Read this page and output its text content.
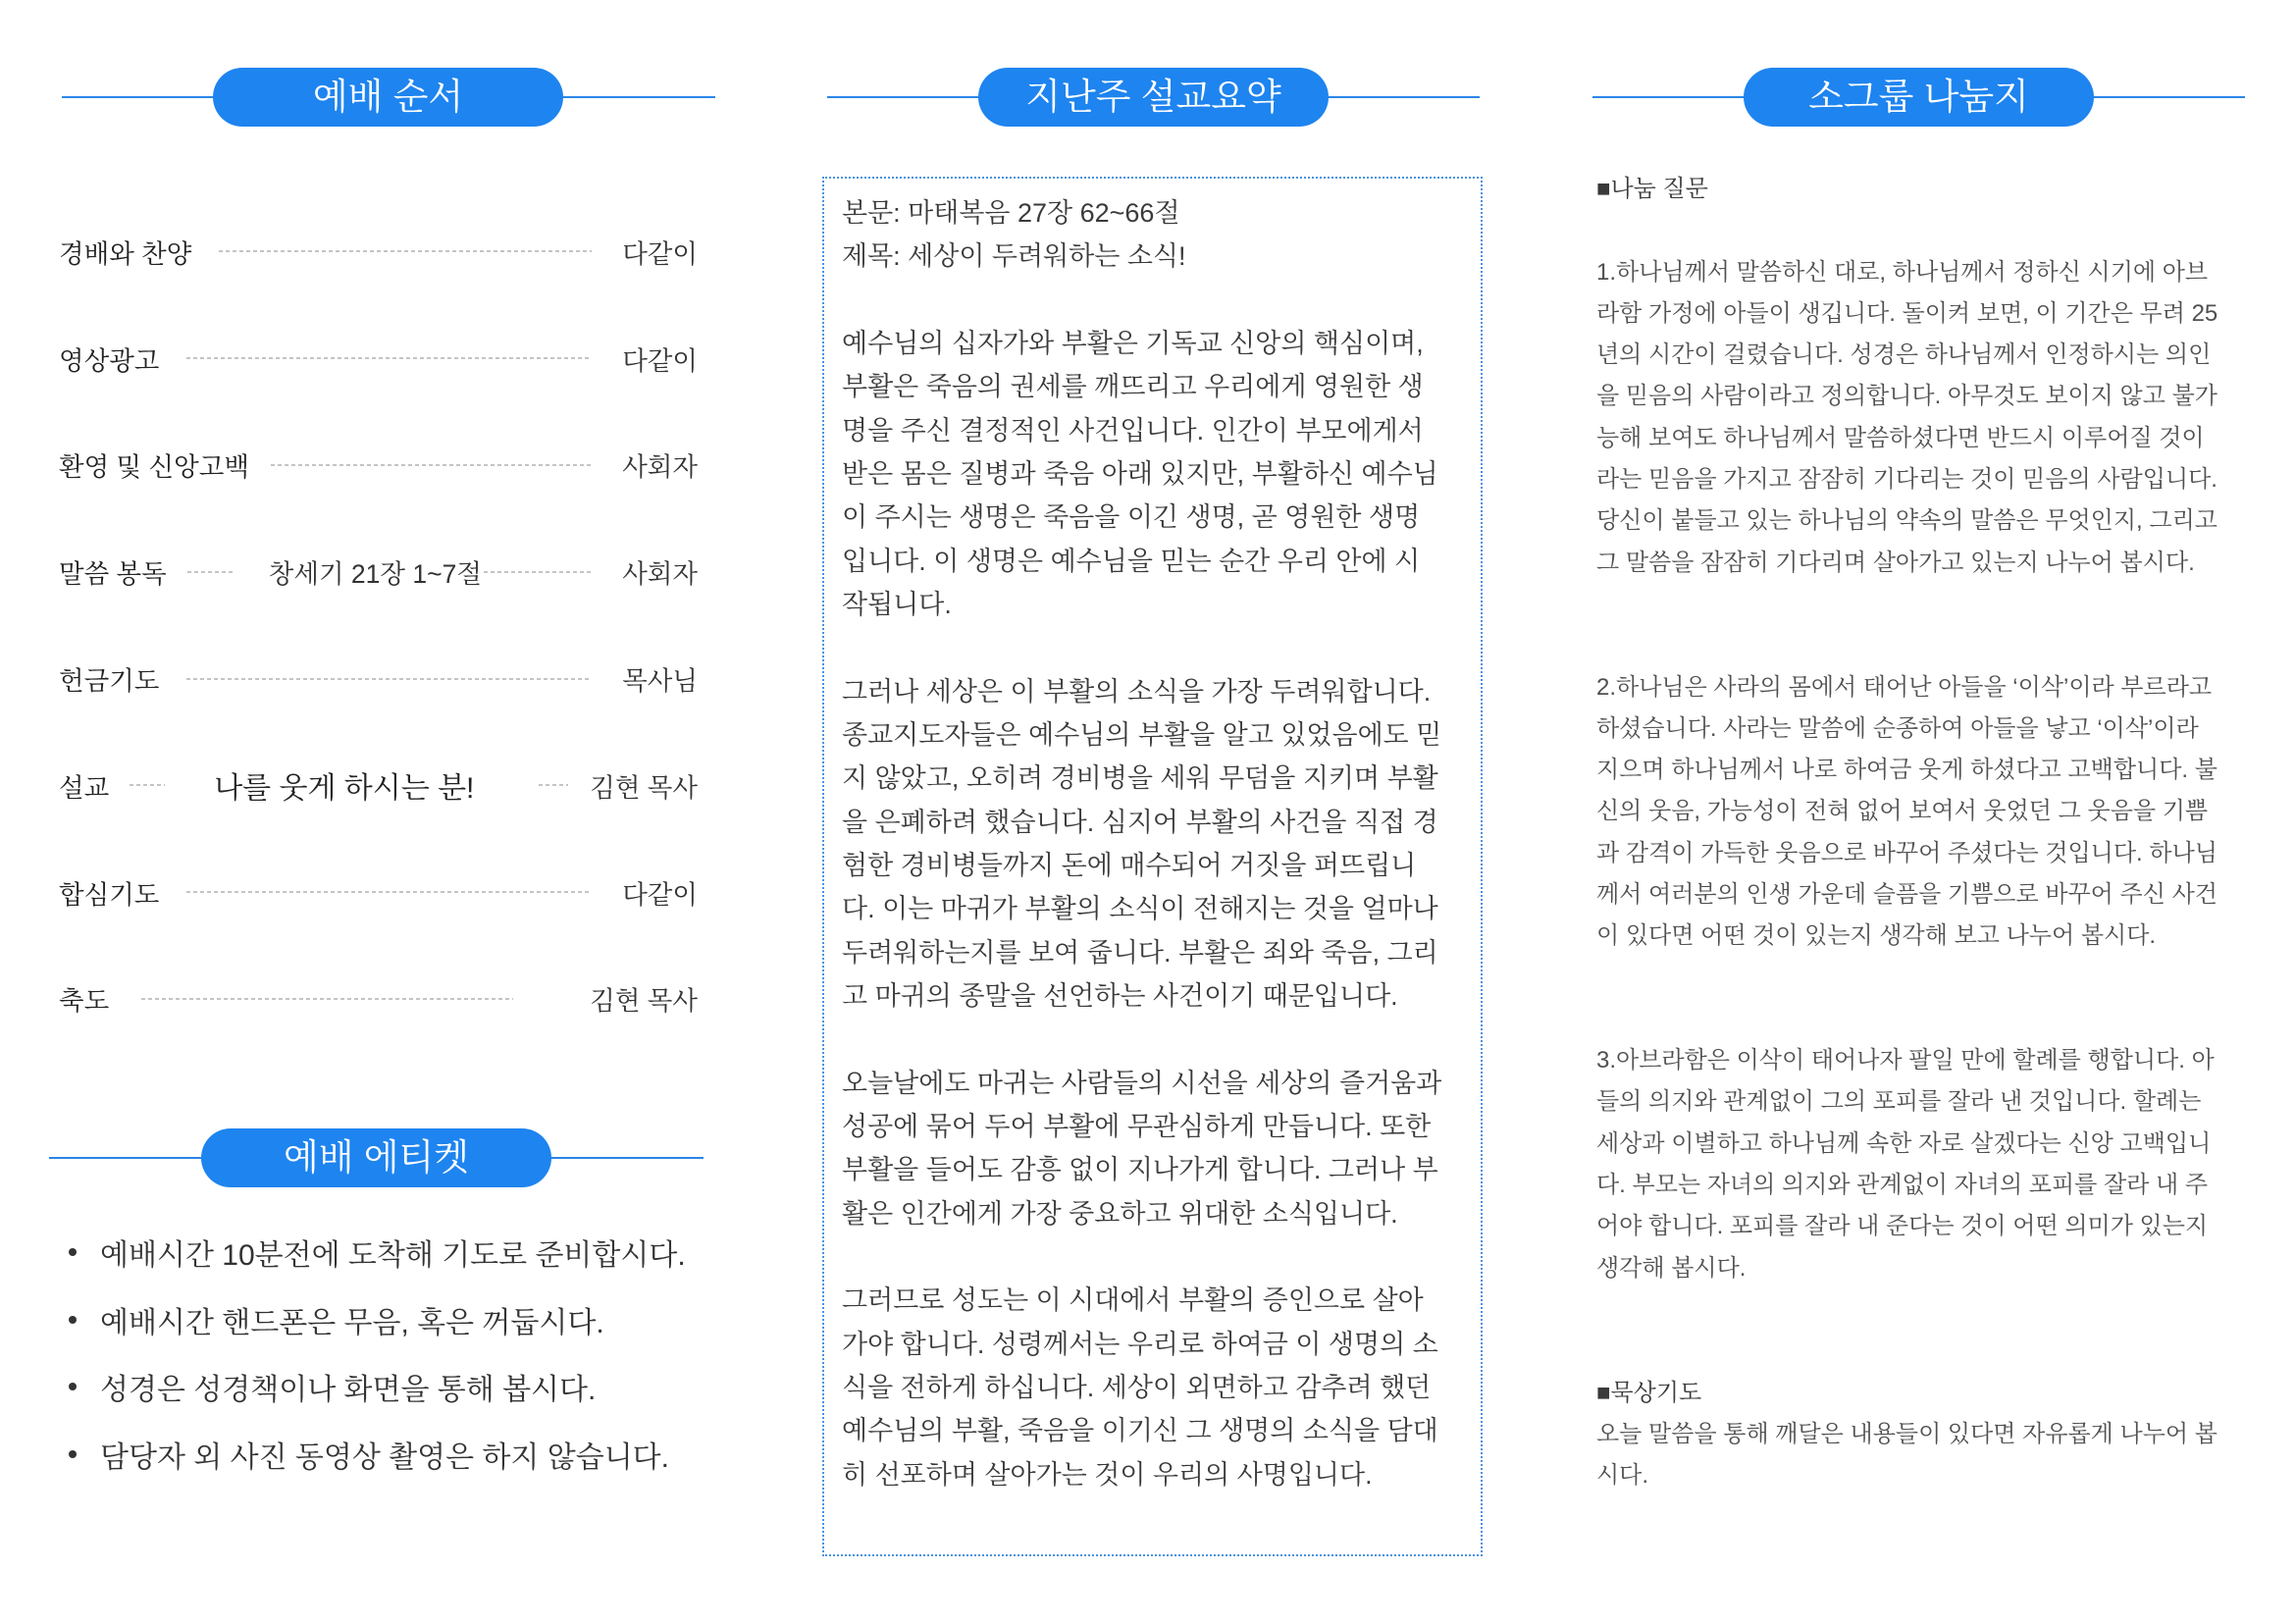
예배 순서
경배와 찬양	다같이
영상광고	다같이
환영 및 신앙고백	사회자
말씀 봉독	창세기 21장 1~7절	사회자
헌금기도	목사님
설교	나를 웃게 하시는 분!	김현 목사
합심기도	다같이
축도	김현 목사
예배 에티켓
예배시간 10분전에 도착해 기도로 준비합시다.
예배시간 핸드폰은 무음, 혹은 꺼둡시다.
성경은 성경책이나 화면을 통해 봅시다.
담당자 외 사진 동영상 촬영은 하지 않습니다.
지난주 설교요약
본문: 마태복음 27장 62~66절
제목: 세상이 두려워하는 소식!
예수님의 십자가와 부활은 기독교 신앙의 핵심이며,
부활은 죽음의 권세를 깨뜨리고 우리에게 영원한 생
명을 주신 결정적인 사건입니다. 인간이 부모에게서
받은 몸은 질병과 죽음 아래 있지만, 부활하신 예수님
이 주시는 생명은 죽음을 이긴 생명, 곧 영원한 생명
입니다. 이 생명은 예수님을 믿는 순간 우리 안에 시
작됩니다.
그러나 세상은 이 부활의 소식을 가장 두려워합니다.
종교지도자들은 예수님의 부활을 알고 있었음에도 믿
지 않았고, 오히려 경비병을 세워 무덤을 지키며 부활
을 은폐하려 했습니다. 심지어 부활의 사건을 직접 경
험한 경비병들까지 돈에 매수되어 거짓을 퍼뜨립니
다. 이는 마귀가 부활의 소식이 전해지는 것을 얼마나
두려워하는지를 보여 줍니다. 부활은 죄와 죽음, 그리
고 마귀의 종말을 선언하는 사건이기 때문입니다.
오늘날에도 마귀는 사람들의 시선을 세상의 즐거움과
성공에 묶어 두어 부활에 무관심하게 만듭니다. 또한
부활을 들어도 감흥 없이 지나가게 합니다. 그러나 부
활은 인간에게 가장 중요하고 위대한 소식입니다.
그러므로 성도는 이 시대에서 부활의 증인으로 살아
가야 합니다. 성령께서는 우리로 하여금 이 생명의 소
식을 전하게 하십니다. 세상이 외면하고 감추려 했던
예수님의 부활, 죽음을 이기신 그 생명의 소식을 담대
히 선포하며 살아가는 것이 우리의 사명입니다.
소그룹 나눔지
■나눔 질문
1.하나님께서 말씀하신 대로, 하나님께서 정하신 시기에 아브
라함 가정에 아들이 생깁니다. 돌이켜 보면, 이 기간은 무려 25
년의 시간이 걸렸습니다. 성경은 하나님께서 인정하시는 의인
을 믿음의 사람이라고 정의합니다. 아무것도 보이지 않고 불가
능해 보여도 하나님께서 말씀하셨다면 반드시 이루어질 것이
라는 믿음을 가지고 잠잠히 기다리는 것이 믿음의 사람입니다.
당신이 붙들고 있는 하나님의 약속의 말씀은 무엇인지, 그리고
그 말씀을 잠잠히 기다리며 살아가고 있는지 나누어 봅시다.
2.하나님은 사라의 몸에서 태어난 아들을 ‘이삭’이라 부르라고
하셨습니다. 사라는 말씀에 순종하여 아들을 낳고 ‘이삭’이라
지으며 하나님께서 나로 하여금 웃게 하셨다고 고백합니다. 불
신의 웃음, 가능성이 전혀 없어 보여서 웃었던 그 웃음을 기쁨
과 감격이 가득한 웃음으로 바꾸어 주셨다는 것입니다. 하나님
께서 여러분의 인생 가운데 슬픔을 기쁨으로 바꾸어 주신 사건
이 있다면 어떤 것이 있는지 생각해 보고 나누어 봅시다.
3.아브라함은 이삭이 태어나자 팔일 만에 할례를 행합니다. 아
들의 의지와 관계없이 그의 포피를 잘라 낸 것입니다. 할례는
세상과 이별하고 하나님께 속한 자로 살겠다는 신앙 고백입니
다. 부모는 자녀의 의지와 관계없이 자녀의 포피를 잘라 내 주
어야 합니다. 포피를 잘라 내 준다는 것이 어떤 의미가 있는지
생각해 봅시다.
■묵상기도
오늘 말씀을 통해 깨달은 내용들이 있다면 자유롭게 나누어 봅
시다.
